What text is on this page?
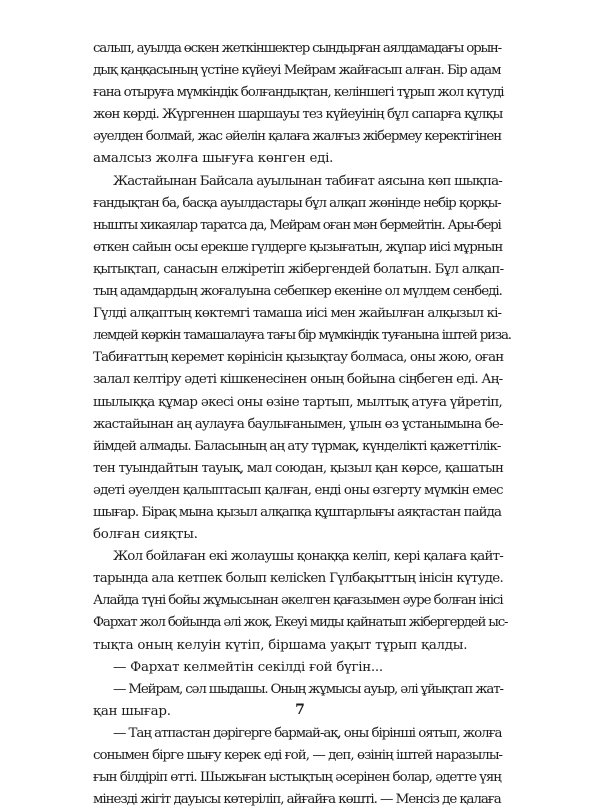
салып, ауылда өскен жеткіншектер сындырған аялдамадағы орын-
дық қаңқасының үстіне күйеуі Мейрам жайғасып алған. Бір адам
ғана отыруға мүмкіндік болғандықтан, келіншегі тұрып жол күтуді
жөн көрді. Жүргеннен шаршауы тез күйеуінің бұл сапарға құлқы
әуелден болмай, жас әйелін қалаға жалғыз жібермеу керектігінен
амалсыз жолға шығуға көнген еді.
Жастайынан Байсала ауылынан табиғат аясына көп шықпа-
ғандықтан ба, басқа ауылдастары бұл алқап жөнінде небір қорқы-
нышты хикаялар таратса да, Мейрам оған мән бермейтін. Ары-бері
өткен сайын осы ерекше гүлдерге қызығатын, жұпар иісі мұрнын
қытықтап, санасын елжіретіп жібергендей болатын. Бұл алқап-
тың адамдардың жоғалуына себепкер екеніне ол мүлдем сенбеді.
Гүлді алқаптың көктемгі тамаша иісі мен жайылған алқызыл кі-
лемдей көркін тамашалауға тағы бір мүмкіндік туғанына іштей риза.
Табиғаттың керемет көрінісін қызықтау болмаса, оны жою, оған
залал келтіру әдеті кішкенесінен оның бойына сіңбеген еді. Аң-
шылыққа құмар әкесі оны өзіне тартып, мылтық атуға үйретіп,
жастайынан аң аулауға баулығанымен, ұлын өз ұстанымына бе-
йімдей алмады. Баласының аң ату түрмақ, күнделікті қажеттілік-
тен туындайтын тауық, мал союдан, қызыл қан көрсе, қашатын
әдеті әуелден қалыптасып қалған, енді оны өзгерту мүмкін емес
шығар. Бірақ мына қызыл алқапқа құштарлығы аяқтастан пайда
болған сияқты.
Жол бойлаған екі жолаушы қонаққа келіп, кері қалаға қайт-
тарында ала кетпек болып келісken Гүлбақыттың інісін күтуде.
Алайда түні бойы жұмысынан әкелген қағазымен әуре болған інісі
Фархат жол бойында әлі жоқ. Екеуі миды қайнатып жібергердей ыс-
тықта оның келуін күтіп, біршама уақыт тұрып қалды.
— Фархат келмейтін секілді ғой бүгін...
— Мейрам, сәл шыдашы. Оның жұмысы ауыр, әлі ұйықтап жат-
қан шығар.
— Таң атпастан дәрігерге бармай-ақ, оны бірінші оятып, жолға
сонымен бірге шығу керек еді ғой, — деп, өзінің іштей наразылы-
ғын білдіріп өтті. Шыжыған ыстықтың әсерінен болар, әдетте үяң
мінезді жігіт дауысы көтеріліп, айғайға көшті. — Менсіз де қалаға
7
